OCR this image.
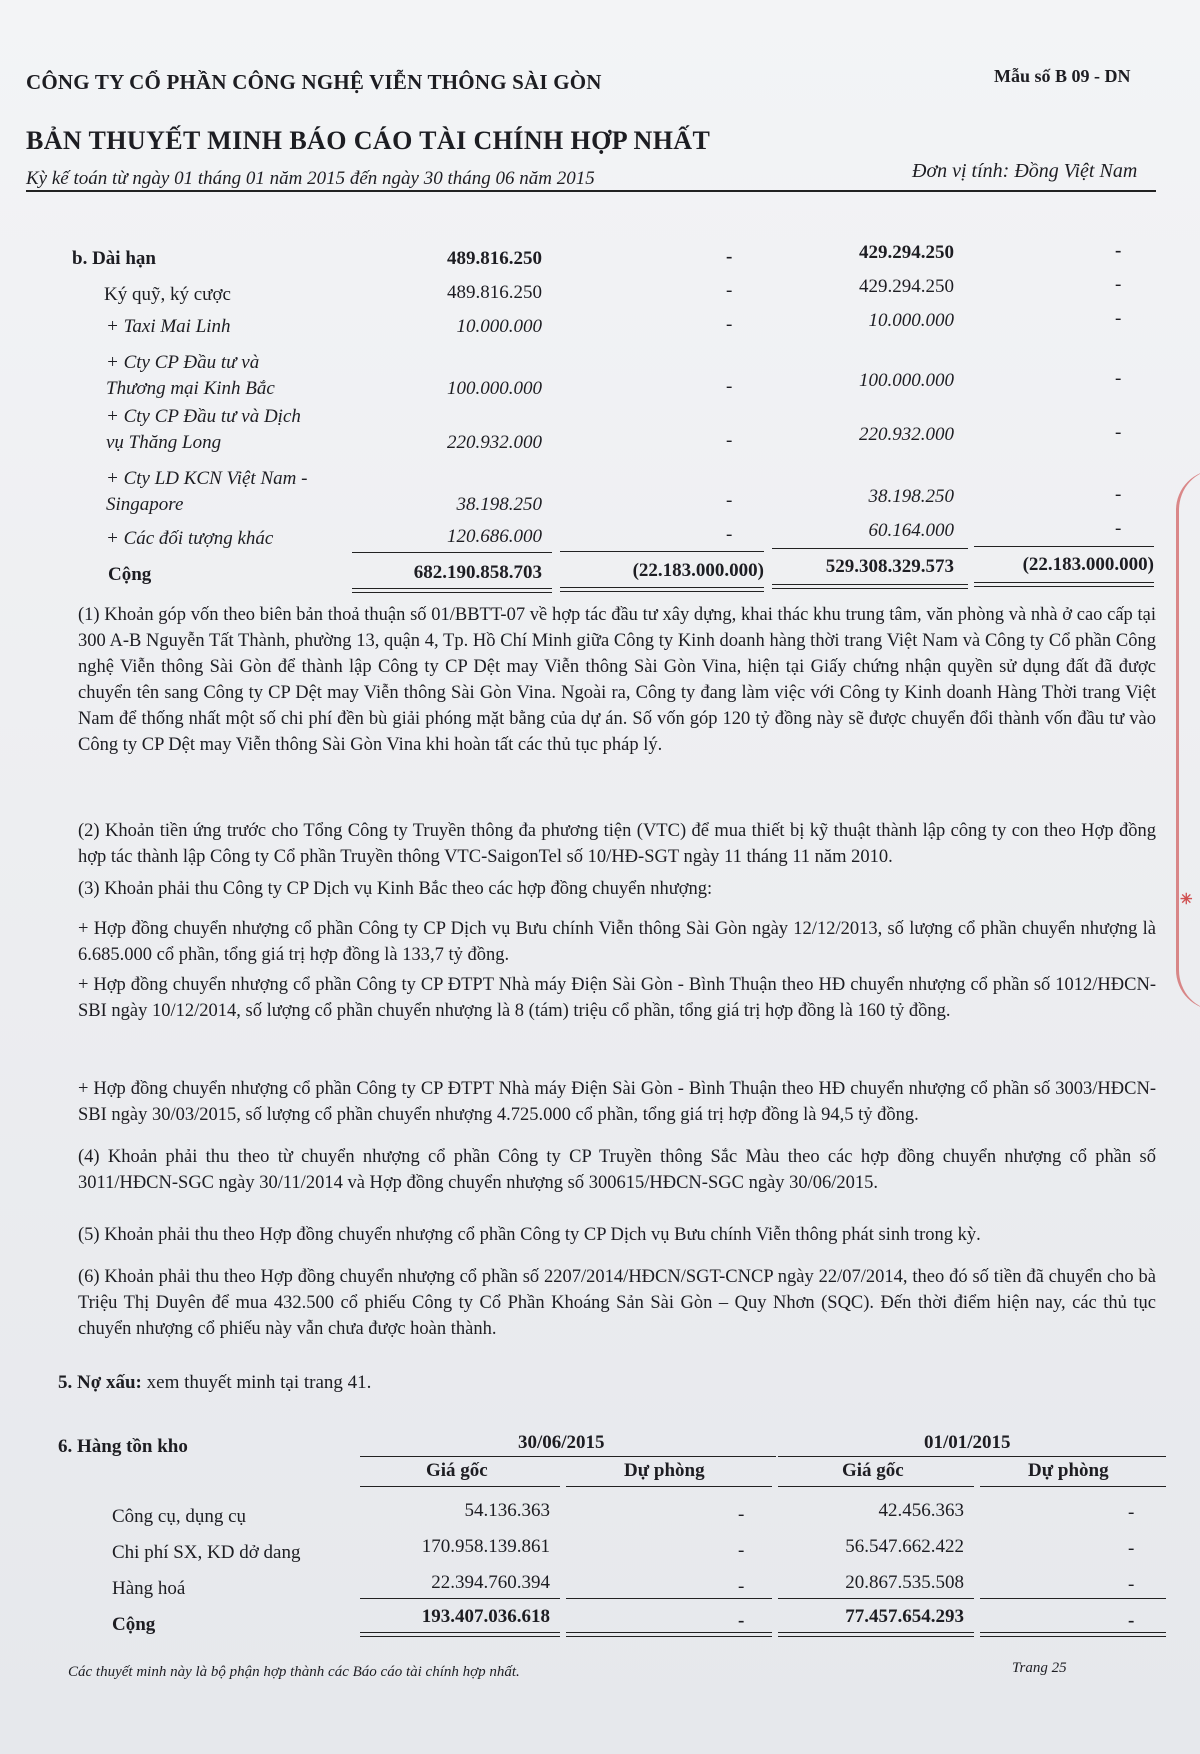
CÔNG TY CỔ PHẦN CÔNG NGHỆ VIỄN THÔNG SÀI GÒN	Mẫu số B 09 - DN
BẢN THUYẾT MINH BÁO CÁO TÀI CHÍNH HỢP NHẤT
Kỳ kế toán từ ngày 01 tháng 01 năm 2015 đến ngày 30 tháng 06 năm 2015	Đơn vị tính: Đồng Việt Nam
b. Dài hạn	489.816.250	-	429.294.250	-
Ký quỹ, ký cược	489.816.250	-	429.294.250	-
+ Taxi Mai Linh	10.000.000	-	10.000.000	-
+ Cty CP Đầu tư và
Thương mại Kinh Bắc	100.000.000	-	100.000.000	-
+ Cty CP Đầu tư và Dịch
vụ Thăng Long	220.932.000	-	220.932.000	-
+ Cty LD KCN Việt Nam -
Singapore	38.198.250	-	38.198.250	-
+ Các đối tượng khác	120.686.000	-	60.164.000	-
Cộng	682.190.858.703	(22.183.000.000)	529.308.329.573	(22.183.000.000)
(1) Khoản góp vốn theo biên bản thoả thuận số 01/BBTT-07 về hợp tác đầu tư xây dựng, khai thác khu trung tâm, văn phòng và nhà ở cao cấp tại 300 A-B Nguyễn Tất Thành, phường 13, quận 4, Tp. Hồ Chí Minh giữa Công ty Kinh doanh hàng thời trang Việt Nam và Công ty Cổ phần Công nghệ Viễn thông Sài Gòn để thành lập Công ty CP Dệt may Viễn thông Sài Gòn Vina, hiện tại Giấy chứng nhận quyền sử dụng đất đã được chuyển tên sang Công ty CP Dệt may Viễn thông Sài Gòn Vina. Ngoài ra, Công ty đang làm việc với Công ty Kinh doanh Hàng Thời trang Việt Nam để thống nhất một số chi phí đền bù giải phóng mặt bằng của dự án. Số vốn góp 120 tỷ đồng này sẽ được chuyển đổi thành vốn đầu tư vào Công ty CP Dệt may Viễn thông Sài Gòn Vina khi hoàn tất các thủ tục pháp lý.
(2) Khoản tiền ứng trước cho Tổng Công ty Truyền thông đa phương tiện (VTC) để mua thiết bị kỹ thuật thành lập công ty con theo Hợp đồng hợp tác thành lập Công ty Cổ phần Truyền thông VTC-SaigonTel số 10/HĐ-SGT ngày 11 tháng 11 năm 2010.
(3) Khoản phải thu Công ty CP Dịch vụ Kinh Bắc theo các hợp đồng chuyển nhượng:
+ Hợp đồng chuyển nhượng cổ phần Công ty CP Dịch vụ Bưu chính Viễn thông Sài Gòn ngày 12/12/2013, số lượng cổ phần chuyển nhượng là 6.685.000 cổ phần, tổng giá trị hợp đồng là 133,7 tỷ đồng.
+ Hợp đồng chuyển nhượng cổ phần Công ty CP ĐTPT Nhà máy Điện Sài Gòn - Bình Thuận theo HĐ chuyển nhượng cổ phần số 1012/HĐCN-SBI ngày 10/12/2014, số lượng cổ phần chuyển nhượng là 8 (tám) triệu cổ phần, tổng giá trị hợp đồng là 160 tỷ đồng.
+ Hợp đồng chuyển nhượng cổ phần Công ty CP ĐTPT Nhà máy Điện Sài Gòn - Bình Thuận theo HĐ chuyển nhượng cổ phần số 3003/HĐCN-SBI ngày 30/03/2015, số lượng cổ phần chuyển nhượng 4.725.000 cổ phần, tổng giá trị hợp đồng là 94,5 tỷ đồng.
(4) Khoản phải thu theo từ chuyển nhượng cổ phần Công ty CP Truyền thông Sắc Màu theo các hợp đồng chuyển nhượng cổ phần số 3011/HĐCN-SGC ngày 30/11/2014 và Hợp đồng chuyển nhượng số 300615/HĐCN-SGC ngày 30/06/2015.
(5) Khoản phải thu theo Hợp đồng chuyển nhượng cổ phần Công ty CP Dịch vụ Bưu chính Viễn thông phát sinh trong kỳ.
(6) Khoản phải thu theo Hợp đồng chuyển nhượng cổ phần số 2207/2014/HĐCN/SGT-CNCP ngày 22/07/2014, theo đó số tiền đã chuyển cho bà Triệu Thị Duyên để mua 432.500 cổ phiếu Công ty Cổ Phần Khoáng Sản Sài Gòn – Quy Nhơn (SQC). Đến thời điểm hiện nay, các thủ tục chuyển nhượng cổ phiếu này vẫn chưa được hoàn thành.
5. Nợ xấu: xem thuyết minh tại trang 41.
6. Hàng tồn kho	30/06/2015	01/01/2015
Giá gốc	Dự phòng	Giá gốc	Dự phòng
Công cụ, dụng cụ	54.136.363	-	42.456.363	-
Chi phí SX, KD dở dang	170.958.139.861	-	56.547.662.422	-
Hàng hoá	22.394.760.394	-	20.867.535.508	-
Cộng	193.407.036.618	-	77.457.654.293	-
Các thuyết minh này là bộ phận hợp thành các Báo cáo tài chính hợp nhất.	Trang 25
✳
